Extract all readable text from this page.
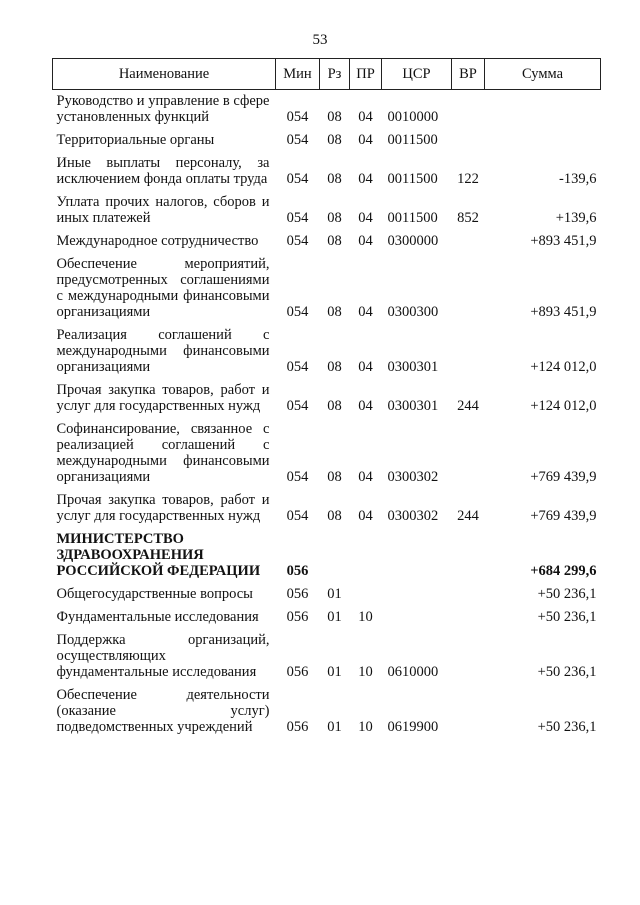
53
Наименование	Мин	Рз	ПР	ЦСР	ВР	Сумма
Руководство и управление в сфере установленных функций	054	08	04	0010000		
Территориальные органы	054	08	04	0011500		
Иные выплаты персоналу, за исключением фонда оплаты труда	054	08	04	0011500	122	-139,6
Уплата прочих налогов, сборов и иных платежей	054	08	04	0011500	852	+139,6
Международное сотрудничество	054	08	04	0300000		+893 451,9
Обеспечение мероприятий, предусмотренных соглашениями с международными финансовыми организациями	054	08	04	0300300		+893 451,9
Реализация соглашений с международными финансовыми организациями	054	08	04	0300301		+124 012,0
Прочая закупка товаров, работ и услуг для государственных нужд	054	08	04	0300301	244	+124 012,0
Софинансирование, связанное с реализацией соглашений с международными финансовыми организациями	054	08	04	0300302		+769 439,9
Прочая закупка товаров, работ и услуг для государственных нужд	054	08	04	0300302	244	+769 439,9
МИНИСТЕРСТВО ЗДРАВООХРАНЕНИЯ РОССИЙСКОЙ ФЕДЕРАЦИИ	056					+684 299,6
Общегосударственные вопросы	056	01				+50 236,1
Фундаментальные исследования	056	01	10			+50 236,1
Поддержка организаций, осуществляющих фундаментальные исследования	056	01	10	0610000		+50 236,1
Обеспечение деятельности (оказание услуг) подведомственных учреждений	056	01	10	0619900		+50 236,1
